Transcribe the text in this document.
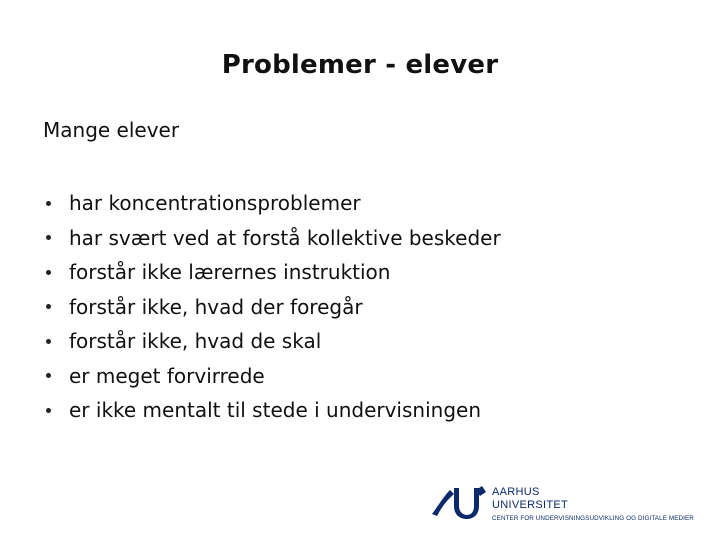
Problemer - elever
Mange elever
har koncentrationsproblemer
har svært ved at forstå kollektive beskeder
forstår ikke lærernes instruktion
forstår ikke, hvad der foregår
forstår ikke, hvad de skal
er meget forvirrede
er ikke mentalt til stede i undervisningen
AARHUS
UNIVERSITET
CENTER FOR UNDERVISNINGSUDVIKLING OG DIGITALE MEDIER
